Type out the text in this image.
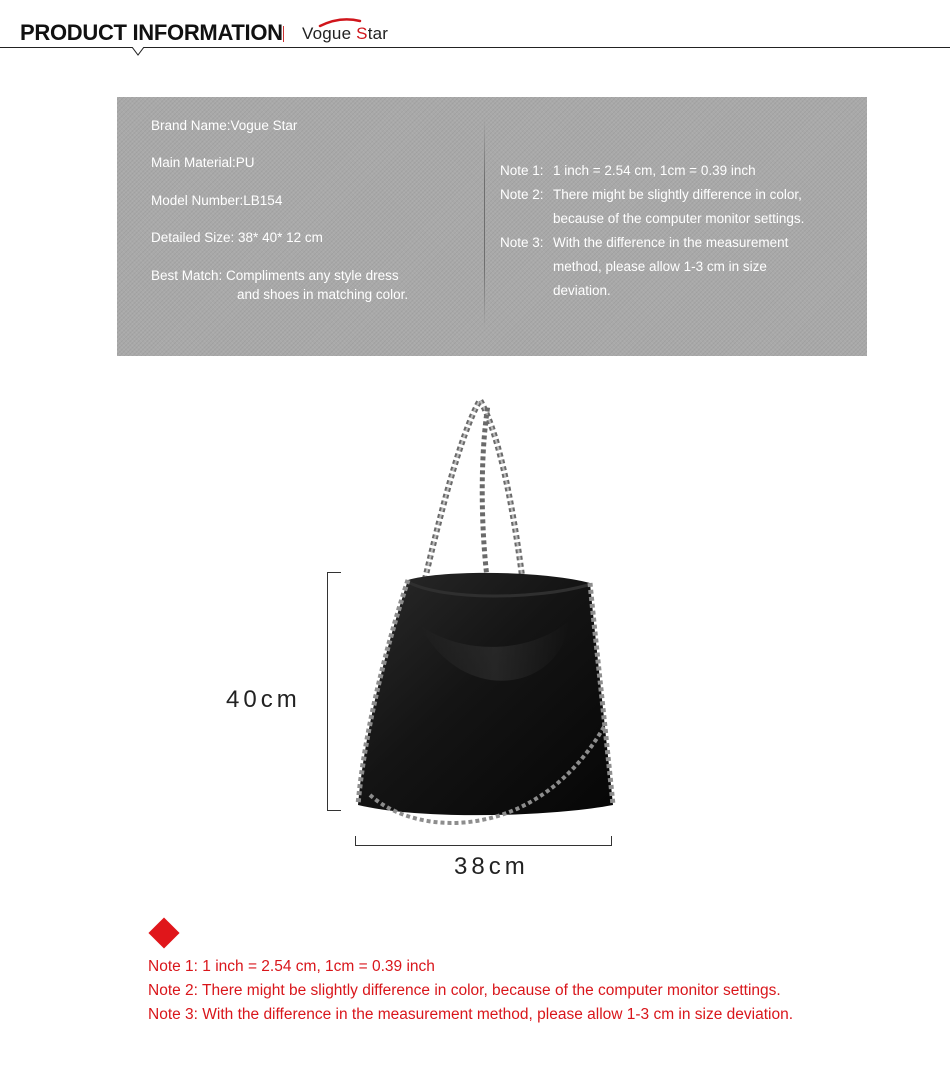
PRODUCT INFORMATION Vogue Star
Brand Name:Vogue Star
Main Material:PU
Model Number:LB154
Detailed Size: 38* 40* 12 cm
Best Match: Compliments any style dress
and shoes in matching color.
Note 1: 1 inch = 2.54 cm, 1cm = 0.39 inch
Note 2: There might be slightly difference in color,
because of the computer monitor settings.
Note 3: With the difference in the measurement
method, please allow 1-3 cm in size
deviation.
40cm
38cm
Note 1: 1 inch = 2.54 cm, 1cm = 0.39 inch
Note 2: There might be slightly difference in color, because of the computer monitor settings.
Note 3: With the difference in the measurement method, please allow 1-3 cm in size deviation.
